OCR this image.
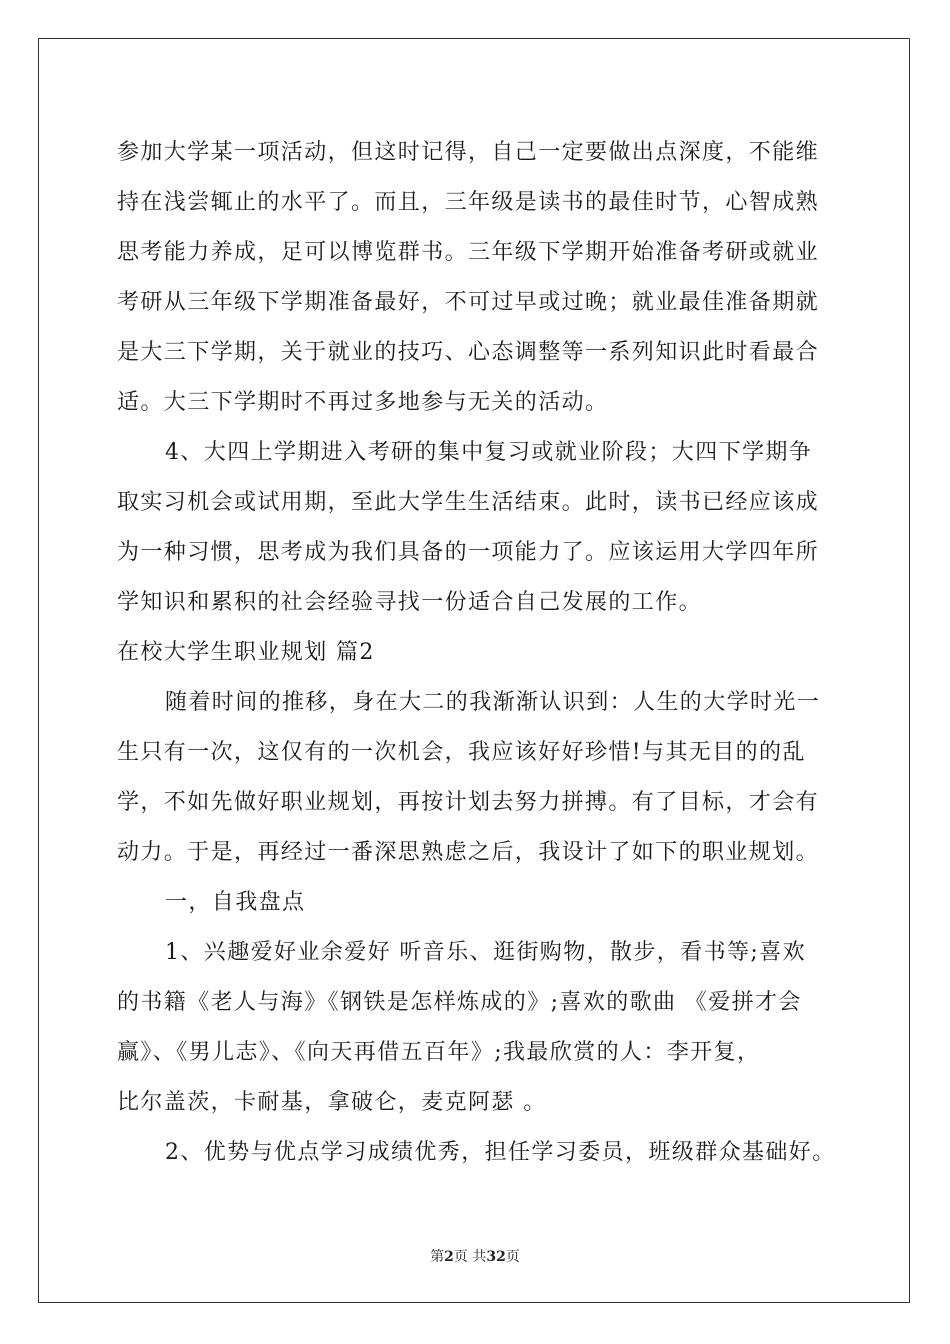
参加大学某一项活动，但这时记得，自己一定要做出点深度，不能维
持在浅尝辄止的水平了。而且，三年级是读书的最佳时节，心智成熟
思考能力养成，足可以博览群书。三年级下学期开始准备考研或就业
考研从三年级下学期准备最好，不可过早或过晚；就业最佳准备期就
是大三下学期，关于就业的技巧、心态调整等一系列知识此时看最合
适。大三下学期时不再过多地参与无关的活动。
4、大四上学期进入考研的集中复习或就业阶段；大四下学期争
取实习机会或试用期，至此大学生生活结束。此时，读书已经应该成
为一种习惯，思考成为我们具备的一项能力了。应该运用大学四年所
学知识和累积的社会经验寻找一份适合自己发展的工作。
在校大学生职业规划 篇2
随着时间的推移，身在大二的我渐渐认识到：人生的大学时光一
生只有一次，这仅有的一次机会，我应该好好珍惜!与其无目的的乱
学，不如先做好职业规划，再按计划去努力拼搏。有了目标，才会有
动力。于是，再经过一番深思熟虑之后，我设计了如下的职业规划。
一，自我盘点
1、兴趣爱好业余爱好 听音乐、逛街购物，散步，看书等;喜欢
的书籍《老人与海》《钢铁是怎样炼成的》;喜欢的歌曲 《爱拼才会
赢》、《男儿志》、《向天再借五百年》;我最欣赏的人：李开复，
比尔盖茨，卡耐基，拿破仑，麦克阿瑟 。
2、优势与优点学习成绩优秀，担任学习委员，班级群众基础好。
第2页 共32页
